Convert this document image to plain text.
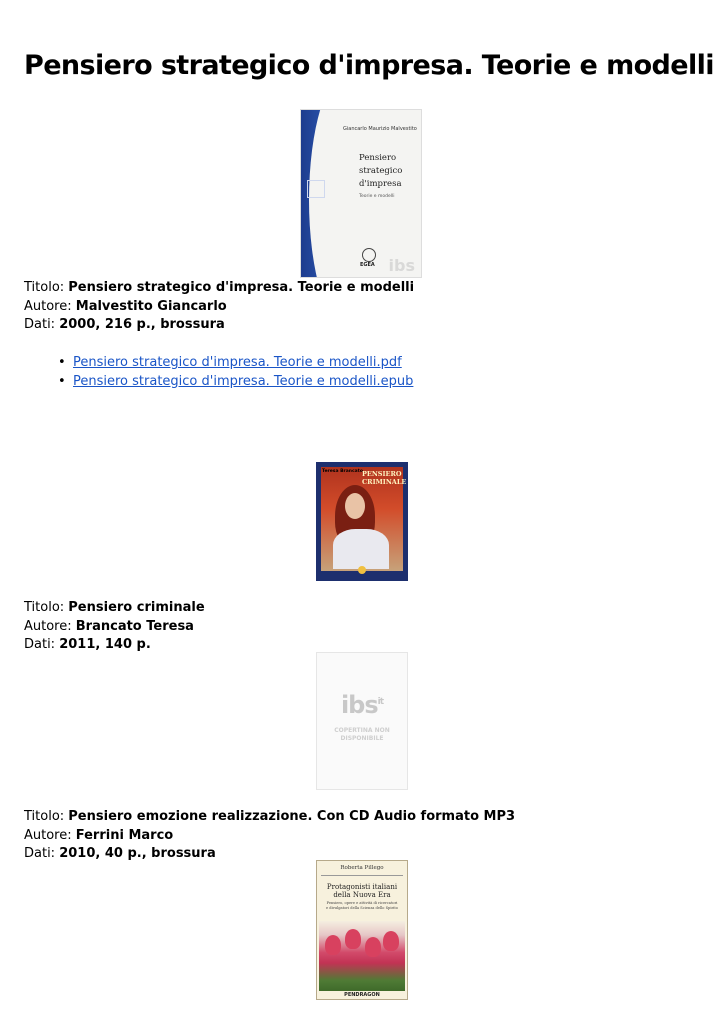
Pensiero strategico d'impresa. Teorie e modelli
Giancarlo Maurizio Malvestito
Pensiero
strategico
d'impresa
Teorie e modelli
EGEA ibs
Titolo: Pensiero strategico d'impresa. Teorie e modelli
Autore: Malvestito Giancarlo
Dati: 2000, 216 p., brossura
• Pensiero strategico d'impresa. Teorie e modelli.pdf
• Pensiero strategico d'impresa. Teorie e modelli.epub
Teresa Brancato PENSIERO
CRIMINALE
Titolo: Pensiero criminale
Autore: Brancato Teresa
Dati: 2011, 140 p.
ibs$^{it}$
COPERTINA NON
DISPONIBILE
Titolo: Pensiero emozione realizzazione. Con CD Audio formato MP3
Autore: Ferrini Marco
Dati: 2010, 40 p., brossura
Roberta Pillego
Protagonisti italiani
della Nuova Era
Pensiero, opere e attività di ricercatori
e divulgatori della Scienza dello Spirito
PENDRAGON
